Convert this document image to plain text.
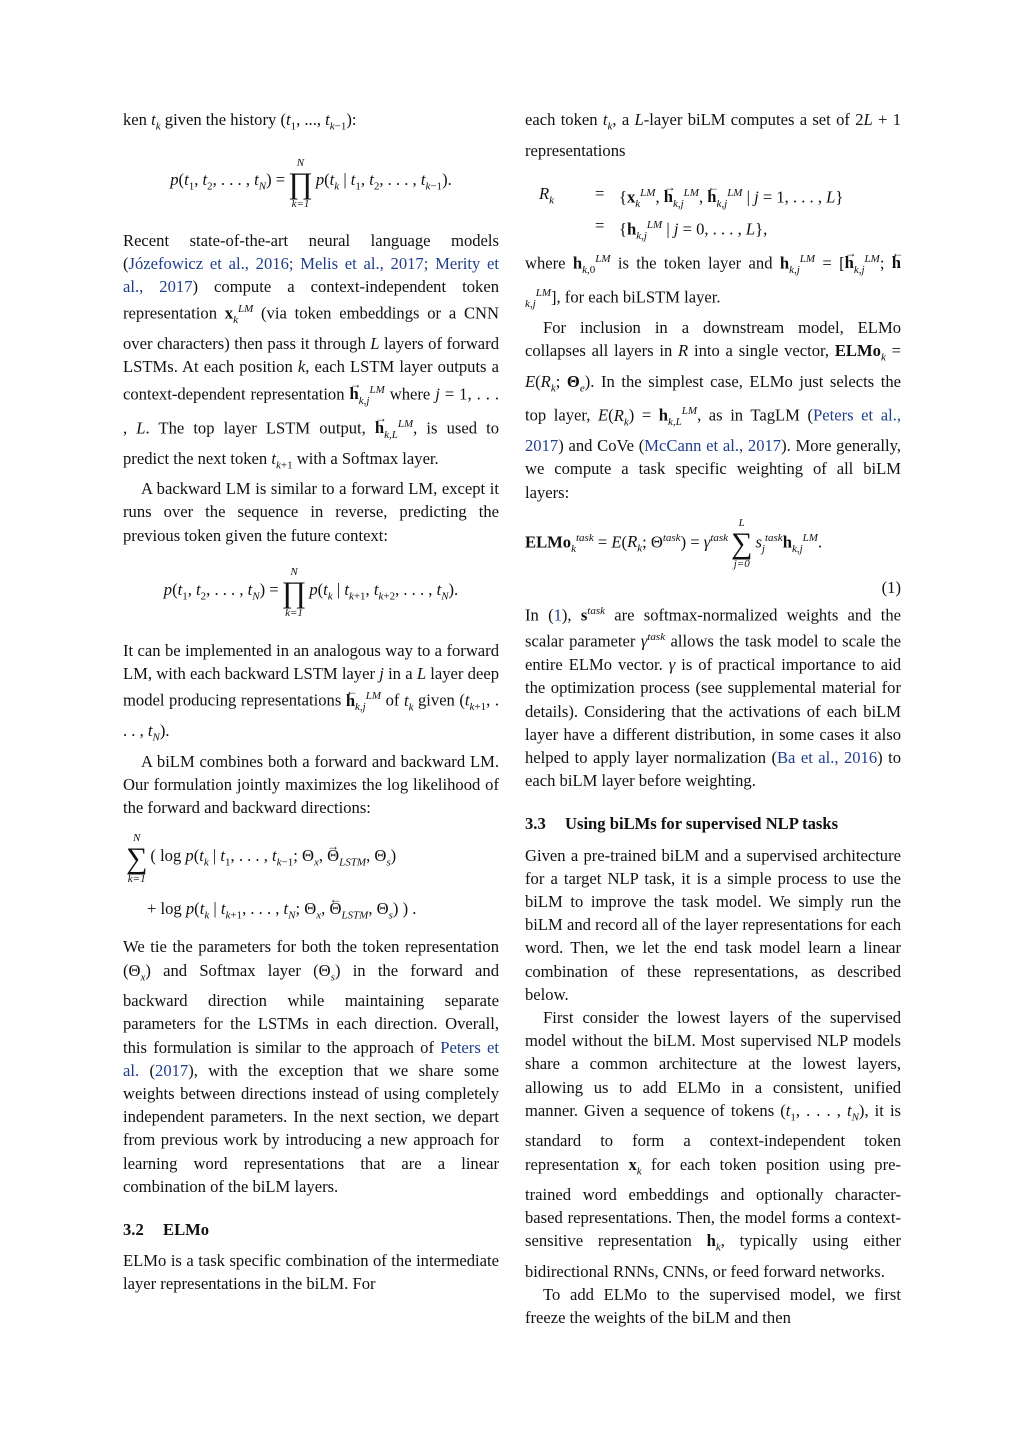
ken $t_k$ given the history ($t_1$, ..., $t_{k-1}$):

$p(t_1$, $t_2$, . . . , $t_N$) =
N
∏
k=1
$p(t_k$ | $t_1$, $t_2$, . . . , $t_{k-1}$).

Recent state-of-the-art neural language models (Józefowicz et al., 2016; Melis et al., 2017; Merity et al., 2017) compute a context-independent token representation $x_k^{LM}$ (via token embeddings or a CNN over characters) then pass it through L layers of forward LSTMs. At each position k, each LSTM layer outputs a context-dependent representation → $h_{k,j}^{LM}$ where j = 1, . . . , L. The top layer LSTM output, → $h_{k,L}^{LM}$, is used to predict the next token $t_{k+1}$ with a Softmax layer.

A backward LM is similar to a forward LM, except it runs over the sequence in reverse, predicting the previous token given the future context:

$p(t_1$, $t_2$, . . . , $t_N$) =
N
∏
k=1
$p(t_k$ | $t_{k+1}$, $t_{k+2}$, . . . , $t_N$).

It can be implemented in an analogous way to a forward LM, with each backward LSTM layer j in a L layer deep model producing representations ← $h_{k,j}^{LM}$ of $t_k$ given ($t_{k+1}$, . . . , $t_N$).

A biLM combines both a forward and backward LM. Our formulation jointly maximizes the log likelihood of the forward and backward directions:

N
∑
k=1
( $\log p(t_k$ | $t_1$, . . . , $t_{k-1}$; $\Theta_x$, → $\Theta_{LSTM}$, $\Theta_s$)
+ $\log p(t_k$ | $t_{k+1}$, . . . , $t_N$; $\Theta_x$, ← $\Theta_{LSTM}$, $\Theta_s$) ) .

We tie the parameters for both the token representation $(\Theta_x)$ and Softmax layer $(\Theta_s)$ in the forward and backward direction while maintaining separate parameters for the LSTMs in each direction. Overall, this formulation is similar to the approach of Peters et al. (2017), with the exception that we share some weights between directions instead of using completely independent parameters. In the next section, we depart from previous work by introducing a new approach for learning word representations that are a linear combination of the biLM layers.

3.2 ELMo

ELMo is a task specific combination of the intermediate layer representations in the biLM. For

each token $t_k$, a L-layer biLM computes a set of 2L + 1 representations

$R_k = \{x_k^{LM}$, → $h_{k,j}^{LM}$, ← $h_{k,j}^{LM}$ | j = 1, . . . , L}
= {$h_{k,j}^{LM}$ | j = 0, . . . , L},

where $h_{k,0}^{LM}$ is the token layer and $h_{k,j}^{LM}$ = [→ $h_{k,j}^{LM}$; ← $h_{k,j}^{LM}$], for each biLSTM layer.

For inclusion in a downstream model, ELMo collapses all layers in R into a single vector, ELMo$_k$ = $E(R_k$; $\Theta_e$). In the simplest case, ELMo just selects the top layer, $E(R_k) = h_{k,L}^{LM}$, as in TagLM (Peters et al., 2017) and CoVe (McCann et al., 2017). More generally, we compute a task specific weighting of all biLM layers:

ELMo$_k^{task}$ = $E(R_k$; $\Theta^{task}) = \gamma^{task}$
L
∑
j=0
$s_j^{task}h_{k,j}^{LM}$.
(1)

In (1), $s^{task}$ are softmax-normalized weights and the scalar parameter $\gamma^{task}$ allows the task model to scale the entire ELMo vector. γ is of practical importance to aid the optimization process (see supplemental material for details). Considering that the activations of each biLM layer have a different distribution, in some cases it also helped to apply layer normalization (Ba et al., 2016) to each biLM layer before weighting.

3.3 Using biLMs for supervised NLP tasks

Given a pre-trained biLM and a supervised architecture for a target NLP task, it is a simple process to use the biLM to improve the task model. We simply run the biLM and record all of the layer representations for each word. Then, we let the end task model learn a linear combination of these representations, as described below.

First consider the lowest layers of the supervised model without the biLM. Most supervised NLP models share a common architecture at the lowest layers, allowing us to add ELMo in a consistent, unified manner. Given a sequence of tokens ($t_1$, . . . , $t_N$), it is standard to form a context-independent token representation $x_k$ for each token position using pre-trained word embeddings and optionally character-based representations. Then, the model forms a context-sensitive representation $h_k$, typically using either bidirectional RNNs, CNNs, or feed forward networks.

To add ELMo to the supervised model, we first freeze the weights of the biLM and then
